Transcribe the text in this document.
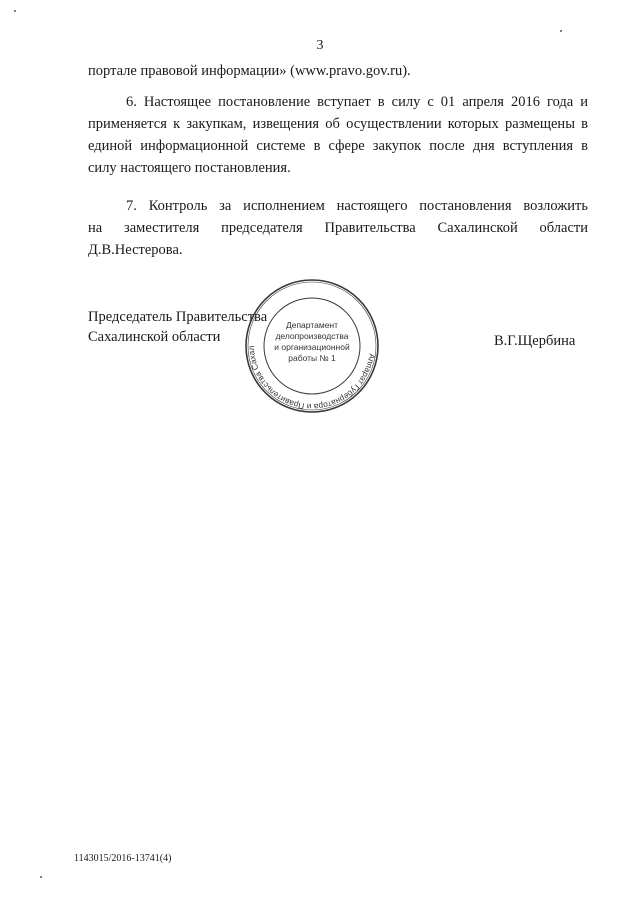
3
порталe правовой информации» (www.pravo.gov.ru).
6. Настоящее постановление вступает в силу с 01 апреля 2016 года и
применяется к закупкам, извещения об осуществлении которых размещены в
единой информационной системе в сфере закупок после дня вступления в
силу настоящего постановления.
7. Контроль за исполнением настоящего постановления возложить
на заместителя председателя Правительства Сахалинской области
Д.В.Нестерова.
Председатель Правительства
Сахалинской области
Аппарат Губернатора и Правительства Сахал
Департамент
делопроизводства
и организационной
работы № 1
В.Г.Щербина
1143015/2016-13741(4)
